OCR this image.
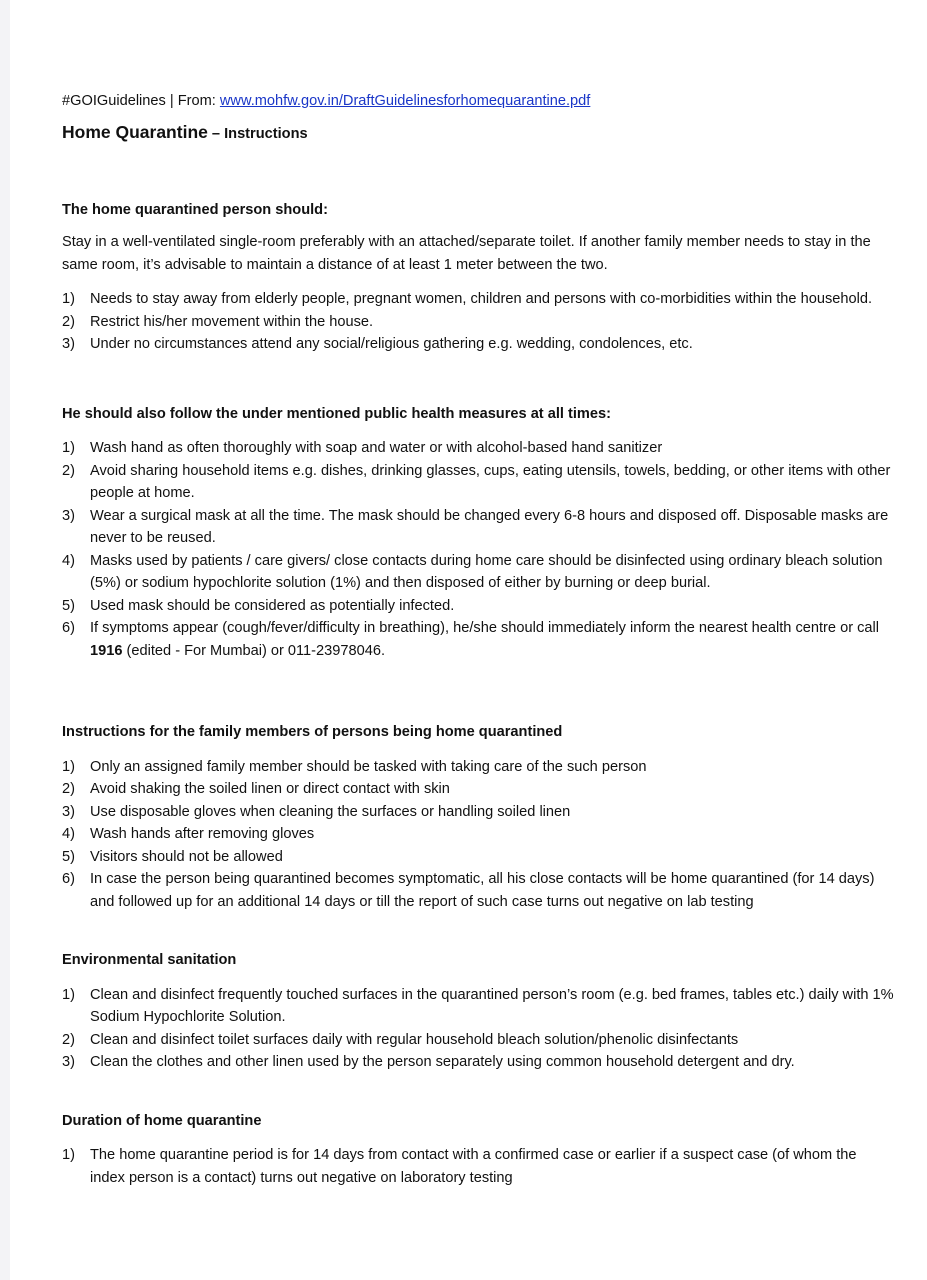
#GOIGuidelines | From: www.mohfw.gov.in/DraftGuidelinesforhomequarantine.pdf

Home Quarantine – Instructions

The home quarantined person should:

Stay in a well-ventilated single-room preferably with an attached/separate toilet. If another family member needs to stay in the same room, it’s advisable to maintain a distance of at least 1 meter between the two.

1) Needs to stay away from elderly people, pregnant women, children and persons with co-morbidities within the household.
2) Restrict his/her movement within the house.
3) Under no circumstances attend any social/religious gathering e.g. wedding, condolences, etc.

He should also follow the under mentioned public health measures at all times:

1) Wash hand as often thoroughly with soap and water or with alcohol-based hand sanitizer
2) Avoid sharing household items e.g. dishes, drinking glasses, cups, eating utensils, towels, bedding, or other items with other people at home.
3) Wear a surgical mask at all the time. The mask should be changed every 6-8 hours and disposed off. Disposable masks are never to be reused.
4) Masks used by patients / care givers/ close contacts during home care should be disinfected using ordinary bleach solution (5%) or sodium hypochlorite solution (1%) and then disposed of either by burning or deep burial.
5) Used mask should be considered as potentially infected.
6) If symptoms appear (cough/fever/difficulty in breathing), he/she should immediately inform the nearest health centre or call 1916 (edited - For Mumbai) or 011-23978046.

Instructions for the family members of persons being home quarantined

1) Only an assigned family member should be tasked with taking care of the such person
2) Avoid shaking the soiled linen or direct contact with skin
3) Use disposable gloves when cleaning the surfaces or handling soiled linen
4) Wash hands after removing gloves
5) Visitors should not be allowed
6) In case the person being quarantined becomes symptomatic, all his close contacts will be home quarantined (for 14 days) and followed up for an additional 14 days or till the report of such case turns out negative on lab testing

Environmental sanitation

1) Clean and disinfect frequently touched surfaces in the quarantined person’s room (e.g. bed frames, tables etc.) daily with 1% Sodium Hypochlorite Solution.
2) Clean and disinfect toilet surfaces daily with regular household bleach solution/phenolic disinfectants
3) Clean the clothes and other linen used by the person separately using common household detergent and dry.

Duration of home quarantine

1) The home quarantine period is for 14 days from contact with a confirmed case or earlier if a suspect case (of whom the index person is a contact) turns out negative on laboratory testing
